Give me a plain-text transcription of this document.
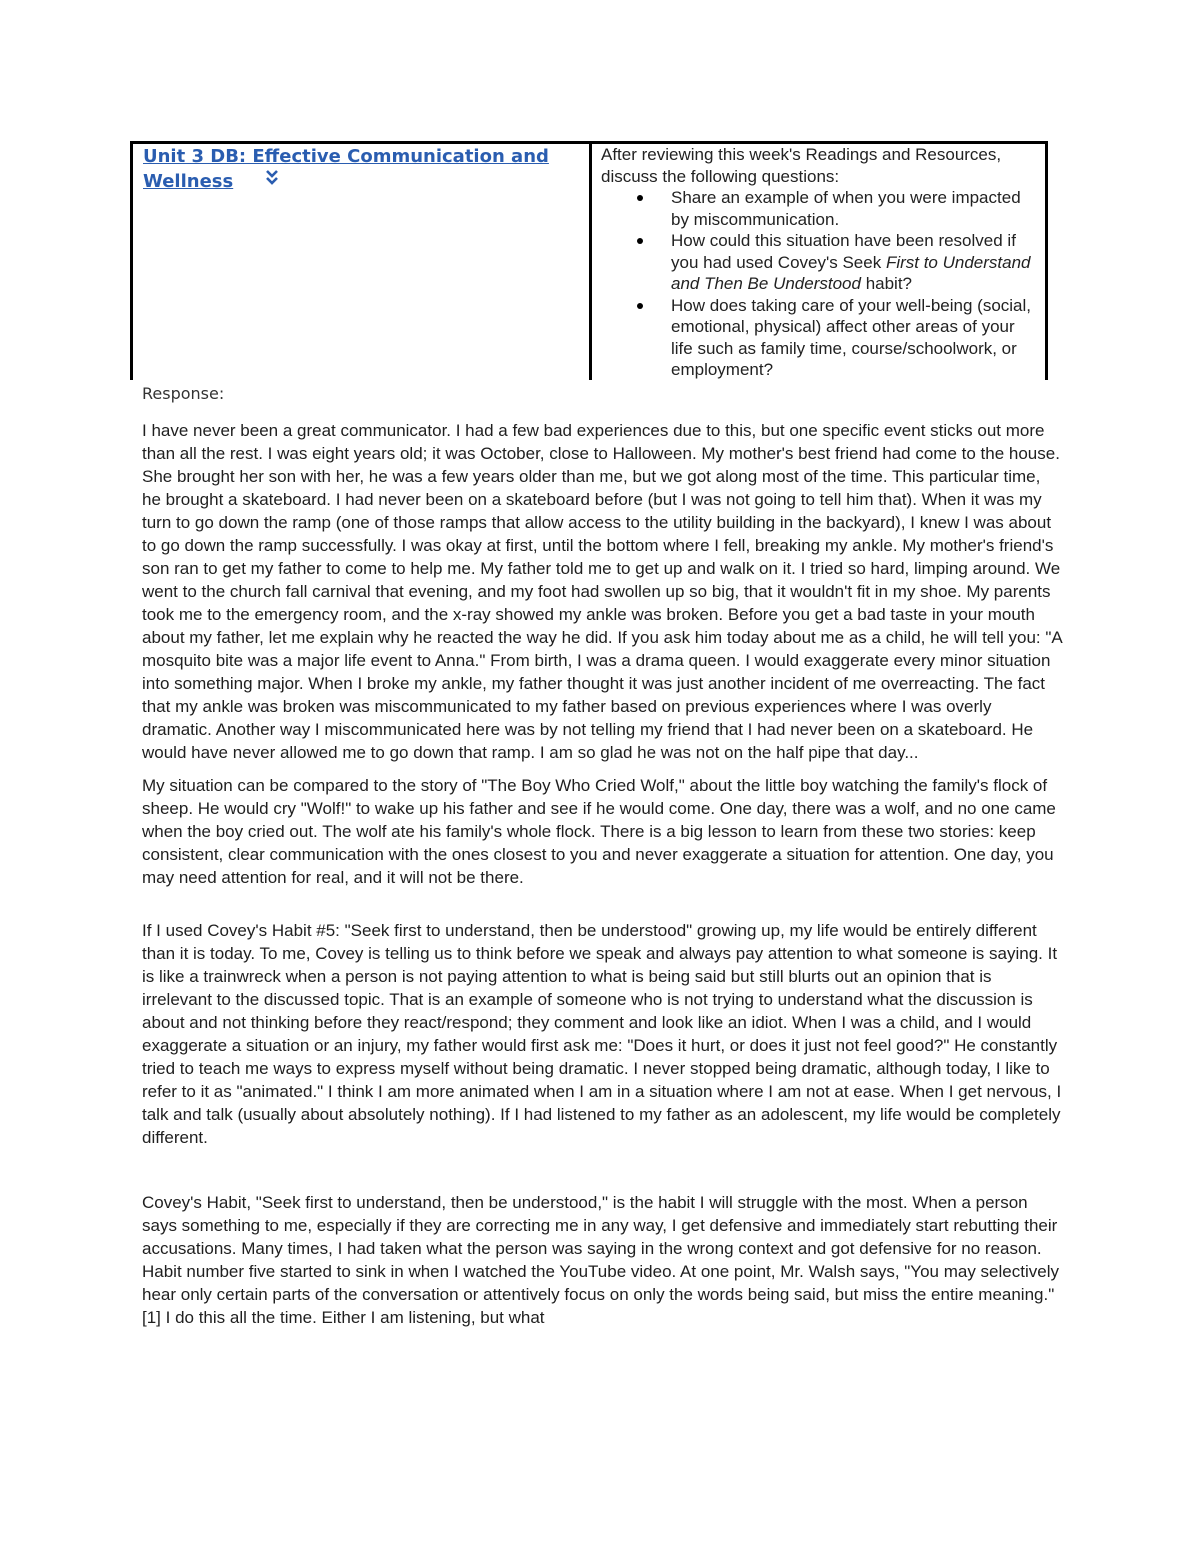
Unit 3 DB: Effective Communication and Wellness
After reviewing this week's Readings and Resources, discuss the following questions:
Share an example of when you were impacted by miscommunication.
How could this situation have been resolved if you had used Covey's Seek First to Understand and Then Be Understood habit?
How does taking care of your well-being (social, emotional, physical) affect other areas of your life such as family time, course/schoolwork, or employment?
Response:

I have never been a great communicator. I had a few bad experiences due to this, but one specific event sticks out more than all the rest. I was eight years old; it was October, close to Halloween. My mother's best friend had come to the house. She brought her son with her, he was a few years older than me, but we got along most of the time. This particular time, he brought a skateboard. I had never been on a skateboard before (but I was not going to tell him that). When it was my turn to go down the ramp (one of those ramps that allow access to the utility building in the backyard), I knew I was about to go down the ramp successfully. I was okay at first, until the bottom where I fell, breaking my ankle. My mother's friend's son ran to get my father to come to help me. My father told me to get up and walk on it. I tried so hard, limping around. We went to the church fall carnival that evening, and my foot had swollen up so big, that it wouldn't fit in my shoe. My parents took me to the emergency room, and the x-ray showed my ankle was broken. Before you get a bad taste in your mouth about my father, let me explain why he reacted the way he did. If you ask him today about me as a child, he will tell you: "A mosquito bite was a major life event to Anna." From birth, I was a drama queen. I would exaggerate every minor situation into something major. When I broke my ankle, my father thought it was just another incident of me overreacting. The fact that my ankle was broken was miscommunicated to my father based on previous experiences where I was overly dramatic. Another way I miscommunicated here was by not telling my friend that I had never been on a skateboard. He would have never allowed me to go down that ramp. I am so glad he was not on the half pipe that day...

My situation can be compared to the story of "The Boy Who Cried Wolf," about the little boy watching the family's flock of sheep. He would cry "Wolf!" to wake up his father and see if he would come. One day, there was a wolf, and no one came when the boy cried out. The wolf ate his family's whole flock. There is a big lesson to learn from these two stories: keep consistent, clear communication with the ones closest to you and never exaggerate a situation for attention. One day, you may need attention for real, and it will not be there.

If I used Covey's Habit #5: "Seek first to understand, then be understood" growing up, my life would be entirely different than it is today. To me, Covey is telling us to think before we speak and always pay attention to what someone is saying. It is like a trainwreck when a person is not paying attention to what is being said but still blurts out an opinion that is irrelevant to the discussed topic. That is an example of someone who is not trying to understand what the discussion is about and not thinking before they react/respond; they comment and look like an idiot. When I was a child, and I would exaggerate a situation or an injury, my father would first ask me: "Does it hurt, or does it just not feel good?" He constantly tried to teach me ways to express myself without being dramatic. I never stopped being dramatic, although today, I like to refer to it as "animated." I think I am more animated when I am in a situation where I am not at ease. When I get nervous, I talk and talk (usually about absolutely nothing). If I had listened to my father as an adolescent, my life would be completely different.

Covey's Habit, "Seek first to understand, then be understood," is the habit I will struggle with the most. When a person says something to me, especially if they are correcting me in any way, I get defensive and immediately start rebutting their accusations. Many times, I had taken what the person was saying in the wrong context and got defensive for no reason. Habit number five started to sink in when I watched the YouTube video. At one point, Mr. Walsh says, "You may selectively hear only certain parts of the conversation or attentively focus on only the words being said, but miss the entire meaning." [1] I do this all the time. Either I am listening, but what
